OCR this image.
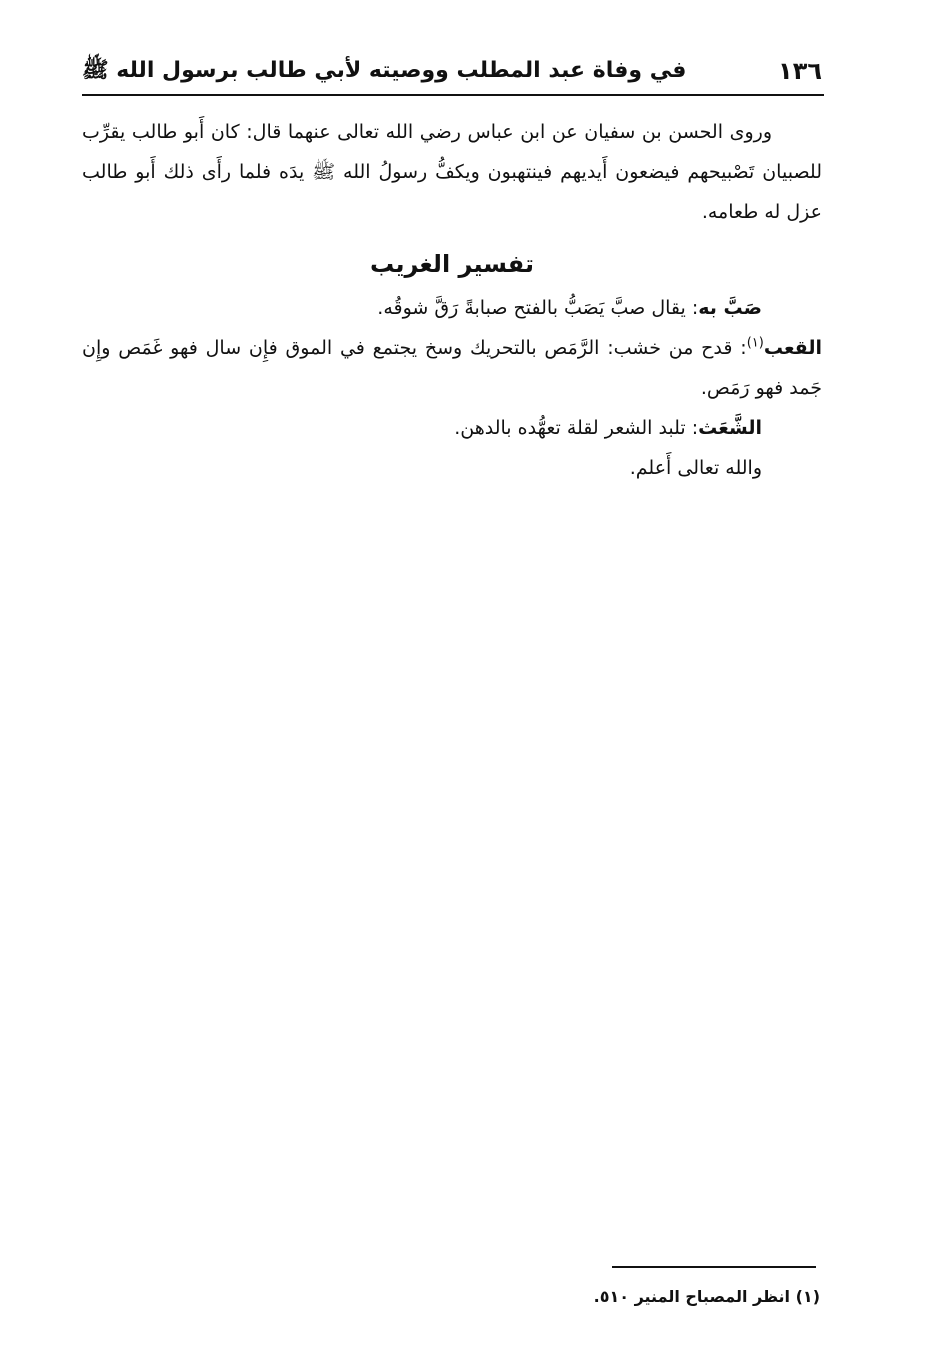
١٣٦
في وفاة عبد المطلب ووصيته لأبي طالب برسول الله ﷺ

وروى الحسن بن سفيان عن ابن عباس رضي الله تعالى عنهما قال: كان أَبو طالب يقرِّب للصبيان تَصْبيحهم فيضعون أَيديهم فينتهبون ويكفُّ رسولُ الله ﷺ يدَه فلما رأَى ذلك أَبو طالب عزل له طعامه.

تفسير الغريب

صَبَّ به: يقال صبَّ يَصَبُّ بالفتح صبابةً رَقَّ شوقُه.

القعب$^{(١)}$: قدح من خشب: الرَّمَص بالتحريك وسخ يجتمع في الموق فإِن سال فهو غَمَص وإِن جَمد فهو رَمَص.

الشَّعَث: تلبد الشعر لقلة تعهُّده بالدهن.

والله تعالى أَعلم.

(١) انظر المصباح المنير ٥١٠.
